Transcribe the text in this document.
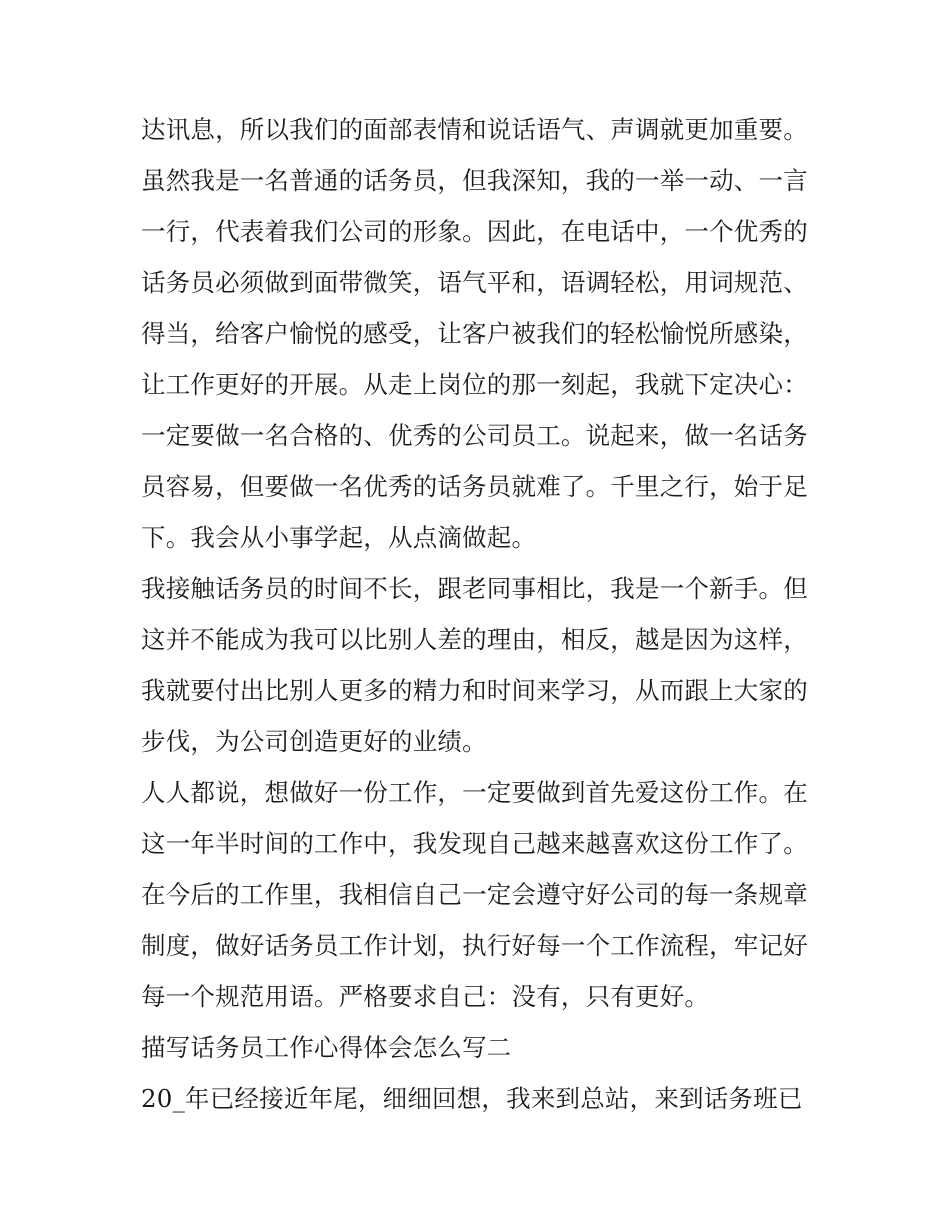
达讯息，所以我们的面部表情和说话语气、声调就更加重要。
虽然我是一名普通的话务员，但我深知，我的一举一动、一言
一行，代表着我们公司的形象。因此，在电话中，一个优秀的
话务员必须做到面带微笑，语气平和，语调轻松，用词规范、
得当，给客户愉悦的感受，让客户被我们的轻松愉悦所感染，
让工作更好的开展。从走上岗位的那一刻起，我就下定决心：
一定要做一名合格的、优秀的公司员工。说起来，做一名话务
员容易，但要做一名优秀的话务员就难了。千里之行，始于足
下。我会从小事学起，从点滴做起。
我接触话务员的时间不长，跟老同事相比，我是一个新手。但
这并不能成为我可以比别人差的理由，相反，越是因为这样，
我就要付出比别人更多的精力和时间来学习，从而跟上大家的
步伐，为公司创造更好的业绩。
人人都说，想做好一份工作，一定要做到首先爱这份工作。在
这一年半时间的工作中，我发现自己越来越喜欢这份工作了。
在今后的工作里，我相信自己一定会遵守好公司的每一条规章
制度，做好话务员工作计划，执行好每一个工作流程，牢记好
每一个规范用语。严格要求自己：没有，只有更好。
描写话务员工作心得体会怎么写二
20_年已经接近年尾，细细回想，我来到总站，来到话务班已
